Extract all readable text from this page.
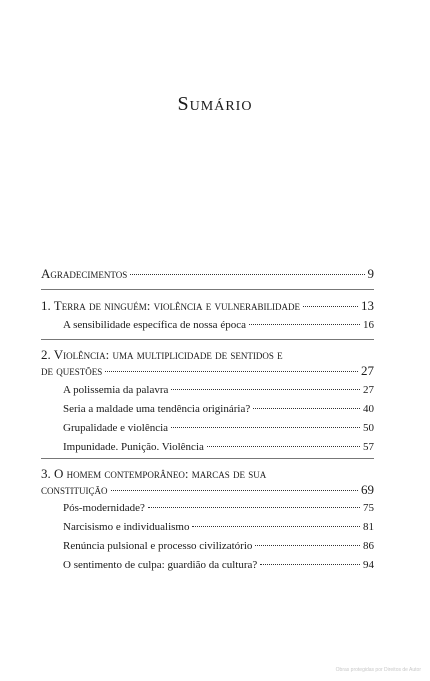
Sumário
Agradecimentos	9
1. Terra de ninguém: violência e vulnerabilidade	13
A sensibilidade específica de nossa época	16
2. Violência: uma multiplicidade de sentidos e
de questões	27
A polissemia da palavra	27
Seria a maldade uma tendência originária?	40
Grupalidade e violência	50
Impunidade. Punição. Violência	57
3. O homem contemporâneo: marcas de sua
constituição	69
Pós-modernidade?	75
Narcisismo e individualismo	81
Renúncia pulsional e processo civilizatório	86
O sentimento de culpa: guardião da cultura?	94
Obras protegidas por Direitos de Autor
